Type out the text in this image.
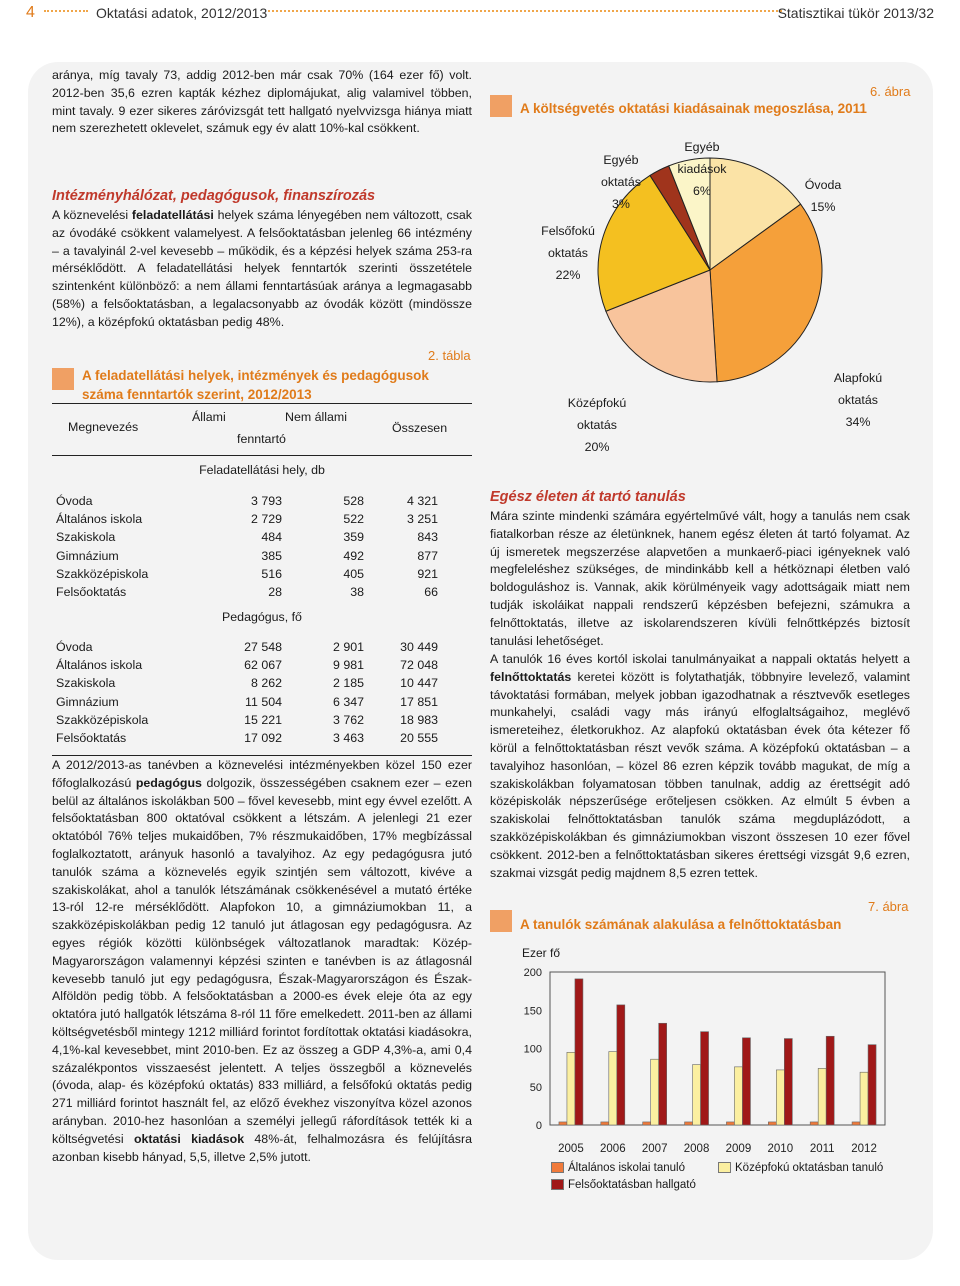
4	Oktatási adatok, 2012/2013	Statisztikai tükör 2013/32
aránya, míg tavaly 73, addig 2012-ben már csak 70% (164 ezer fő) volt. 2012-ben 35,6 ezren kapták kézhez diplomájukat, alig valamivel többen, mint tavaly. 9 ezer sikeres záróvizsgát tett hallgató nyelvvizsga hiánya miatt nem szerezhetett oklevelet, számuk egy év alatt 10%-kal csökkent.
Intézményhálózat, pedagógusok, finanszírozás
A köznevelési feladatellátási helyek száma lényegében nem változott, csak az óvodáké csökkent valamelyest. A felsőoktatásban jelenleg 66 intézmény – a tavalyinál 2-vel kevesebb – működik, és a képzési helyek száma 253-ra mérséklődött. A feladatellátási helyek fenntartók szerinti összetétele szintenként különböző: a nem állami fenntartásúak aránya a legmagasabb (58%) a felsőoktatásban, a legalacsonyabb az óvodák között (mindössze 12%), a középfokú oktatásban pedig 48%.
2. tábla
A feladatellátási helyek, intézmények és pedagógusok száma fenntartók szerint, 2012/2013
Megnevezés
Állami	Nem állami
fenntartó
Összesen
Feladatellátási hely, db
Óvoda	3 793	528	4 321
Általános iskola	2 729	522	3 251
Szakiskola	484	359	843
Gimnázium	385	492	877
Szakközépiskola	516	405	921
Felsőoktatás	28	38	66
Pedagógus, fő
Óvoda	27 548	2 901	30 449
Általános iskola	62 067	9 981	72 048
Szakiskola	8 262	2 185	10 447
Gimnázium	11 504	6 347	17 851
Szakközépiskola	15 221	3 762	18 983
Felsőoktatás	17 092	3 463	20 555
A 2012/2013-as tanévben a köznevelési intézményekben közel 150 ezer főfoglalkozású pedagógus dolgozik, összességében csaknem ezer – ezen belül az általános iskolákban 500 – fővel kevesebb, mint egy évvel ezelőtt. A felsőoktatásban 800 oktatóval csökkent a létszám. A jelenlegi 21 ezer oktatóból 76% teljes mukaidőben, 7% részmukaidőben, 17% megbízással foglalkoztatott, arányuk hasonló a tavalyihoz. Az egy pedagógusra jutó tanulók száma a köznevelés egyik szintjén sem változott, kivéve a szakiskolákat, ahol a tanulók létszámának csökkenésével a mutató értéke 13-ról 12-re mérséklődött. Alapfokon 10, a gimnáziumokban 11, a szakközépiskolákban pedig 12 tanuló jut átlagosan egy pedagógusra. Az egyes régiók közötti különbségek változatlanok maradtak: Közép-Magyarországon valamennyi képzési szinten e tanévben is az átlagosnál kevesebb tanuló jut egy pedagógusra, Észak-Magyarországon és Észak-Alföldön pedig több. A felsőoktatásban a 2000-es évek eleje óta az egy oktatóra jutó hallgatók létszáma 8-ról 11 főre emelkedett. 2011-ben az állami költségvetésből mintegy 1212 milliárd forintot fordítottak oktatási kiadásokra, 4,1%-kal kevesebbet, mint 2010-ben. Ez az összeg a GDP 4,3%-a, ami 0,4 százalékpontos visszaesést jelentett. A teljes összegből a köznevelés (óvoda, alap- és középfokú oktatás) 833 milliárd, a felsőfokú oktatás pedig 271 milliárd forintot használt fel, az előző évekhez viszonyítva közel azonos arányban. 2010-hez hasonlóan a személyi jellegű ráfordítások tették ki a költségvetési oktatási kiadások 48%-át, felhalmozásra és felújításra azonban kisebb hányad, 5,5, illetve 2,5% jutott.
6. ábra
A költségvetés oktatási kiadásainak megoszlása, 2011
Egyéb
oktatás
3%
Egyéb
kiadások
6%	Óvoda
15%
Felsőfokú
oktatás
22%
Középfokú
oktatás
20%
Alapfokú
oktatás
34%
Egész életen át tartó tanulás
Mára szinte mindenki számára egyértelművé vált, hogy a tanulás nem csak fiatalkorban része az életünknek, hanem egész életen át tartó folyamat. Az új ismeretek megszerzése alapvetően a munkaerő-piaci igényeknek való megfeleléshez szükséges, de mindinkább kell a hétköznapi életben való boldoguláshoz is. Vannak, akik körülményeik vagy adottságaik miatt nem tudják iskoláikat nappali rendszerű képzésben befejezni, számukra a felnőttoktatás, illetve az iskolarendszeren kívüli felnőttképzés biztosít tanulási lehetőséget.
A tanulók 16 éves kortól iskolai tanulmányaikat a nappali oktatás helyett a felnőttoktatás keretei között is folytathatják, többnyire levelező, valamint távoktatási formában, melyek jobban igazodhatnak a résztvevők esetleges munkahelyi, családi vagy más irányú elfoglaltságaihoz, meglévő ismereteihez, életkorukhoz. Az alapfokú oktatásban évek óta kétezer fő körül a felnőttoktatásban részt vevők száma. A középfokú oktatásban – a tavalyihoz hasonlóan, – közel 86 ezren képzik tovább magukat, de míg a szakiskolákban folyamatosan többen tanulnak, addig az érettségit adó középiskolák népszerűsége erőteljesen csökken. Az elmúlt 5 évben a szakiskolai felnőttoktatásban tanulók száma megduplázódott, a szakközépiskolákban és gimnáziumokban viszont összesen 10 ezer fővel csökkent. 2012-ben a felnőttoktatásban sikeres érettségi vizsgát 9,6 ezren, szakmai vizsgát pedig majdnem 8,5 ezren tettek.
7. ábra
A tanulók számának alakulása a felnőttoktatásban
Ezer fő
0
50
100
150
200
2005 2006 2007 2008 2009 2010 2011 2012
Általános iskolai tanuló
Felsőoktatásban hallgató
Középfokú oktatásban tanuló
